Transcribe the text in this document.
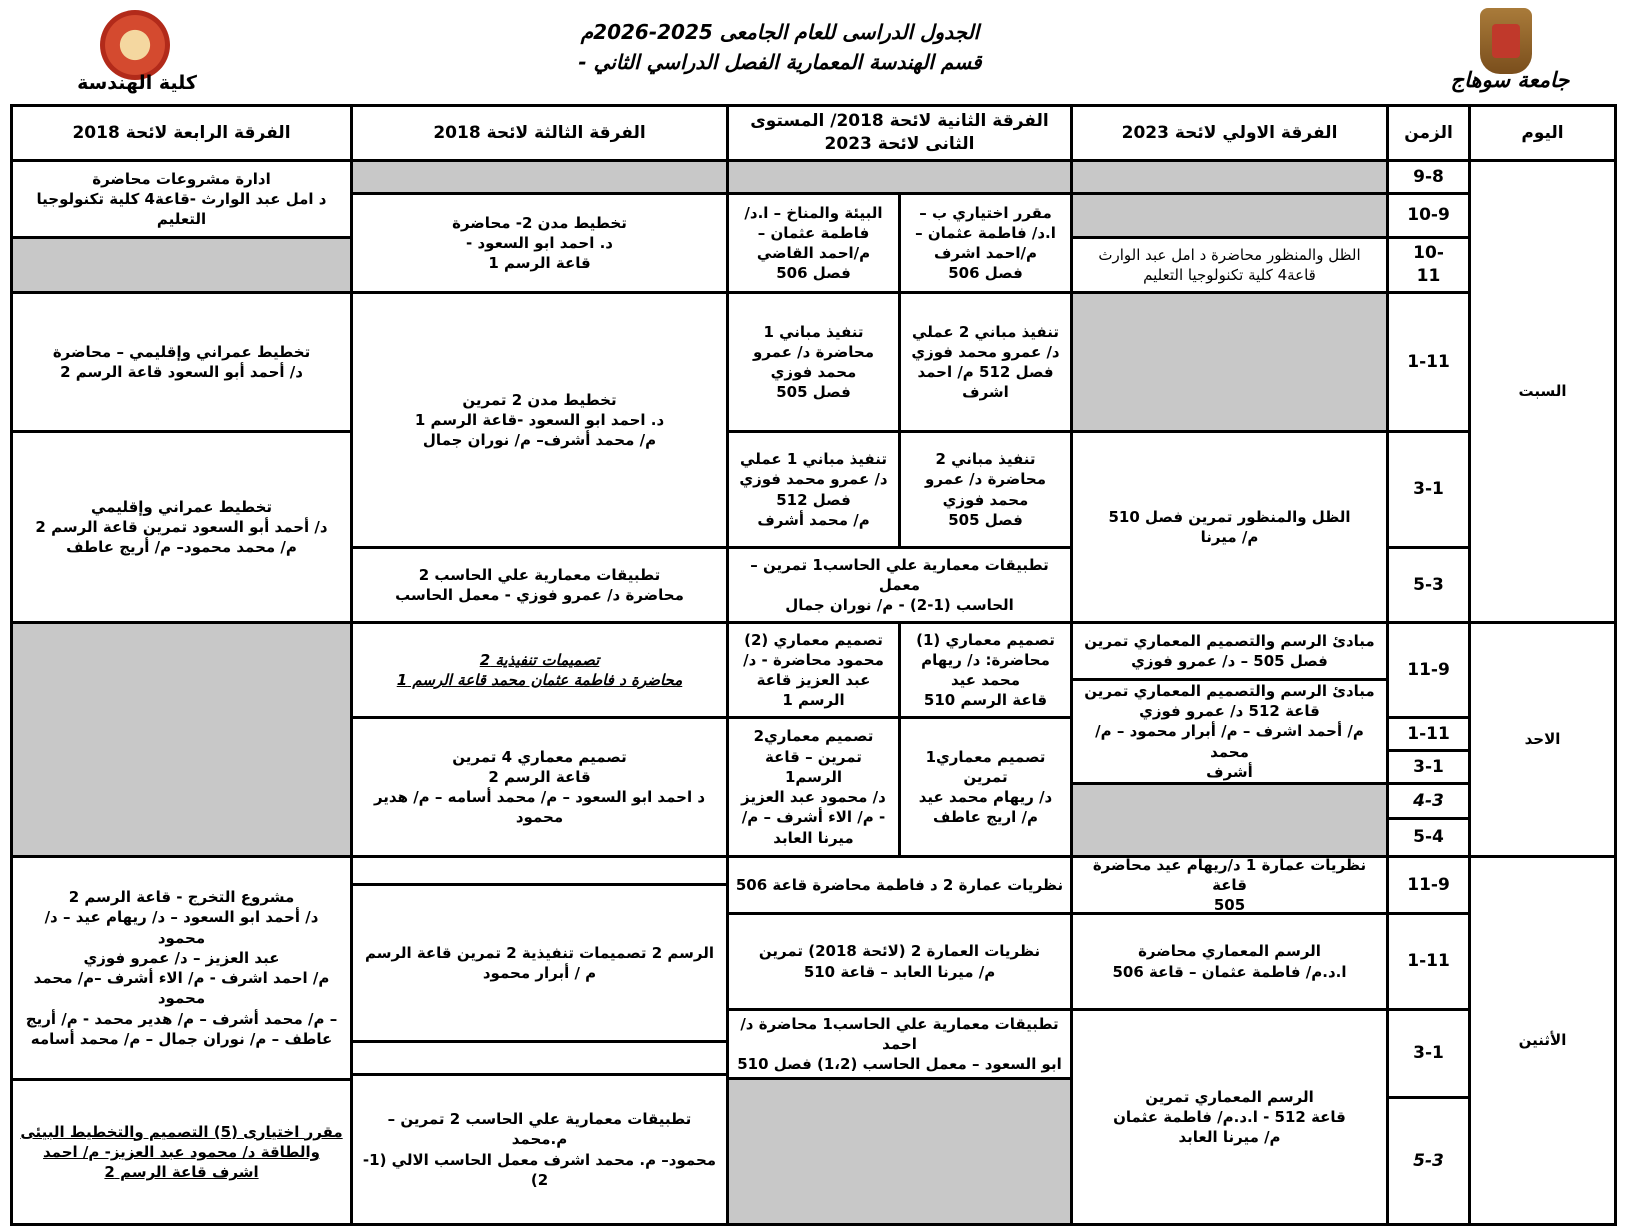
الجدول الدراسى للعام الجامعى 2025-2026م
- قسم الهندسة المعمارية الفصل الدراسي الثاني
كلية الهندسة	جامعة سوهاج
اليوم
الزمن
الفرقة الاولي لائحة 2023
الفرقة الثانية لائحة 2018/ المستوى الثانى لائحة 2023
الفرقة الثالثة لائحة 2018
الفرقة الرابعة لائحة 2018
السبت
الاحد
الأثنين
9-8
10-9
-10
11
1-11
3-1
5-3
11-9
1-11
3-1
4-3
5-4
11-9
1-11
3-1
5-3
الظل والمنظور محاضرة د امل عبد الوارث
قاعة4 كلية تكنولوجيا التعليم
الظل والمنظور تمرين فصل 510
م/ ميرنا
البيئة والمناخ – ا.د/
فاطمة عثمان –
م/احمد القاضي
فصل 506
مقرر اختياري ب –
ا.د/ فاطمة عثمان –
م/احمد اشرف
فصل 506
تنفيذ مباني 1
محاضرة د/ عمرو
محمد فوزي
فصل 505
تنفيذ مباني 2 عملي
د/ عمرو محمد فوزي
فصل 512 م/ احمد
اشرف
تنفيذ مباني 1 عملي
د/ عمرو محمد فوزي
فصل 512
م/ محمد أشرف
تنفيذ مباني 2
محاضرة د/ عمرو
محمد فوزي
فصل 505
تطبيقات معمارية علي الحاسب1 تمرين – معمل
الحاسب (1-2) - م/ نوران جمال
تخطيط مدن 2- محاضرة
د. احمد ابو السعود -
قاعة الرسم 1
تخطيط مدن 2 تمرين
د. احمد ابو السعود -قاعة الرسم 1
م/ محمد أشرف– م/ نوران جمال
تطبيقات معمارية علي الحاسب 2
محاضرة د/ عمرو فوزي - معمل الحاسب
ادارة مشروعات محاضرة
د امل عبد الوارث -قاعة4 كلية تكنولوجيا التعليم
تخطيط عمراني وإقليمي – محاضرة
د/ أحمد أبو السعود قاعة الرسم 2
تخطيط عمراني وإقليمي
د/ أحمد أبو السعود تمرين قاعة الرسم 2
م/ محمد محمود– م/ أريج عاطف
مبادئ الرسم والتصميم المعماري تمرين
فصل 505 – د/ عمرو فوزي
مبادئ الرسم والتصميم المعماري تمرين
قاعة 512 د/ عمرو فوزي
م/ أحمد اشرف – م/ أبرار محمود – م/ محمد
أشرف
تصميم معماري (2)
محمود محاضرة - د/
عبد العزيز قاعة
الرسم 1
تصميم معماري (1)
محاضرة: د/ ريهام
محمد عيد
قاعة الرسم 510
تصميم معماري2
تمرين – قاعة الرسم1
د/ محمود عبد العزيز
- م/ الاء أشرف – م/
ميرنا العابد
تصميم معماري1
تمرين
د/ ريهام محمد عيد
م/ اريج عاطف
تصميمات تنفيذية 2
محاضرة د فاطمة عثمان محمد قاعة الرسم 1
تصميم معماري 4 تمرين
قاعة الرسم 2
د احمد ابو السعود – م/ محمد أسامه – م/ هدير محمود
نظريات عمارة 1 د/ريهام عيد محاضرة قاعة
505
الرسم المعماري محاضرة
ا.د.م/ فاطمة عثمان – قاعة 506
الرسم المعماري تمرين
قاعة 512 - ا.د.م/ فاطمة عثمان
م/ ميرنا العابد
نظريات عمارة 2 د فاطمة محاضرة قاعة 506
نظريات العمارة 2 (لائحة 2018) تمرين
م/ ميرنا العابد – قاعة 510
تطبيقات معمارية علي الحاسب1 محاضرة د/ احمد
ابو السعود – معمل الحاسب (1،2) فصل 510
الرسم 2 تصميمات تنفيذية 2 تمرين قاعة الرسم
م / أبرار محمود
تطبيقات معمارية علي الحاسب 2 تمرين – م.محمد
محمود– م. محمد اشرف معمل الحاسب الالي (1-2)
مشروع التخرج - قاعة الرسم 2
د/ أحمد ابو السعود – د/ ريهام عيد – د/ محمود
عبد العزيز – د/ عمرو فوزي
م/ احمد اشرف - م/ الاء أشرف –م/ محمد محمود
– م/ محمد أشرف – م/ هدير محمد - م/ أريج
عاطف – م/ نوران جمال – م/ محمد أسامه
مقرر اختيارى (5) التصميم والتخطيط البيئى
والطاقة د/ محمود عبد العزيز- م/ احمد
اشرف قاعة الرسم 2
